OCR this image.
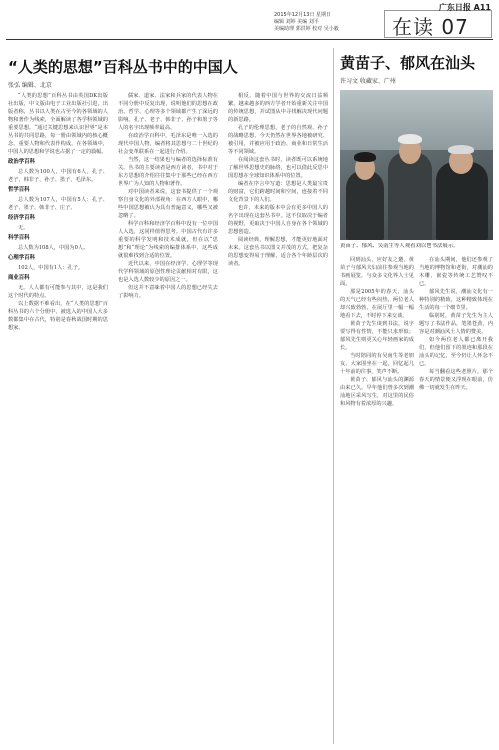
2015年12月13日 星期日
编辑 刘婷 美编 刘平
美编助理 郭洪婷 校对 吴小毅	在读 07
广东日报 A11
“人类的思想”百科丛书中的中国人
张弘 编辑、北京

“人类的思想”百科丛书由英国DK出版社出版，中文版由电子工业出版社引进，出版者称，丛书以人类在古至今的各领域的人物和著作为线索，全面解读了各学科领域的重要思想。“通过关键思想来认识世界”是本丛书的共同思路，每一册由领域内的核心概念、重要人物和代表作构成。在各领域中，中国人的思想和学说也占据了一定的篇幅。

政治学百科

总人数为100人，中国有6人，孔子、老子、韩非子、孙子、墨子、毛泽东。

哲学百科

总人数为107人，中国有5人：孔子、老子、墨子、韩非子、庄子。

经济学百科

无。

科学百科

总人数为108人，中国为0人。

心理学百科

102人，中国有1人：孔子。

商业百科

无。人人都有可能参与其中，这是我们这个时代的特点。

以上数据不难看出，在“人类的思想”百科丛书的六个分册中，被选入的中国人大多数都集中在古代，特别是春秋战国时期的思想家。

儒家、道家、法家和兵家的代表人物在不同分册中反复出现，说明他们的思想在政治、哲学、心理等多个领域都产生了深远的影响。孔子、老子、韩非子、孙子和墨子等人的名字出现频率最高。

在政治学百科中，毛泽东是唯一入选的现代中国人物，编者将其思想与二十世纪的社会变革联系在一起进行介绍。

当然，这一结果也与编者的选择标准有关。丛书的主要读者是西方读者，书中对于东方思想的介绍往往集中于那些已经在西方世界广为人知的人物和著作。

对中国读者来说，这套书提供了一个观察自身文化的外部视角：在西方人眼中，哪些中国思想被认为具有普遍意义，哪些又被忽略了。

科学百科和经济学百科中没有一位中国人入选，这同样值得思考。中国古代有许多重要的科学发明和技术成就，但在以“思想”和“理论”为线索的编排体系中，这些成就很难找到合适的位置。

近代以来，中国在经济学、心理学等现代学科领域的原创性理论贡献相对有限，这也是入选人数较少的原因之一。

但这并不意味着中国人的思想已经失去了影响力。

相反，随着中国与世界的交流日益频繁，越来越多的西方学者开始重新关注中国的传统思想，并试图从中寻找解决现代问题的新思路。

孔子的伦理思想、老子的自然观、孙子的战略思想，今天仍然在世界各地被研究、被引用，并被应用于政治、商业和日常生活等不同领域。

在阅读这套丛书时，读者既可以系统地了解世界思想史的脉络，也可以借此反思中国思想在全球知识体系中的位置。

编者在序言中写道：思想是人类最宝贵的财富，它们跨越时间和空间，连接着不同文化背景下的人们。

也许，未来的版本中会有更多中国人的名字出现在这套丛书中。这不仅取决于编者的视野，更取决于中国人自身在各个领域的思想创造。

阅读经典，理解思想，才能更好地面对未来。这套丛书以图文并茂的方式，把复杂的思想变得易于理解，适合各个年龄层次的读者。

黄苗子、郁风在汕头
许习文 收藏家、广州
黄苗子、郁风、吴南生等人观看刘以鬯书法展示。

回到汕头，应好友之邀，黄苗子与郁风夫妇前往参观当地的书画展览，与众多文化界人士见面。

那是2005年的春天，汕头的天气已经有些闷热，两位老人却兴致勃勃，在展厅里一幅一幅地看下去，不时停下来交谈。

黄苗子先生谈到书法，说字要写得有性情，不能只求形似；郁风先生则更关心年轻画家的成长。

当时陪同的有吴南生等老朋友，大家围坐在一起，回忆起几十年前的往事，笑声不断。

黄苗子、郁风与汕头的渊源由来已久。早年他们曾多次到潮汕地区采风写生，对这里的民俗和风物有着浓厚的兴趣。

在汕头期间，他们还参观了当地的博物馆和老街，对潮汕的木雕、嵌瓷等传统工艺赞叹不已。

郁风先生说，潮汕文化有一种特别的精致，这种精致体现在生活的每一个细节里。

临别时，黄苗子先生为主人题写了书法作品，笔墨苍劲，内容是对潮汕风土人情的赞美。

如今两位老人都已离开我们，但他们留下的墨迹和那段在汕头的记忆，至今仍让人怀念不已。

每当翻看这些老照片，那个春天的情景便又浮现在眼前，仿佛一切就发生在昨天。
